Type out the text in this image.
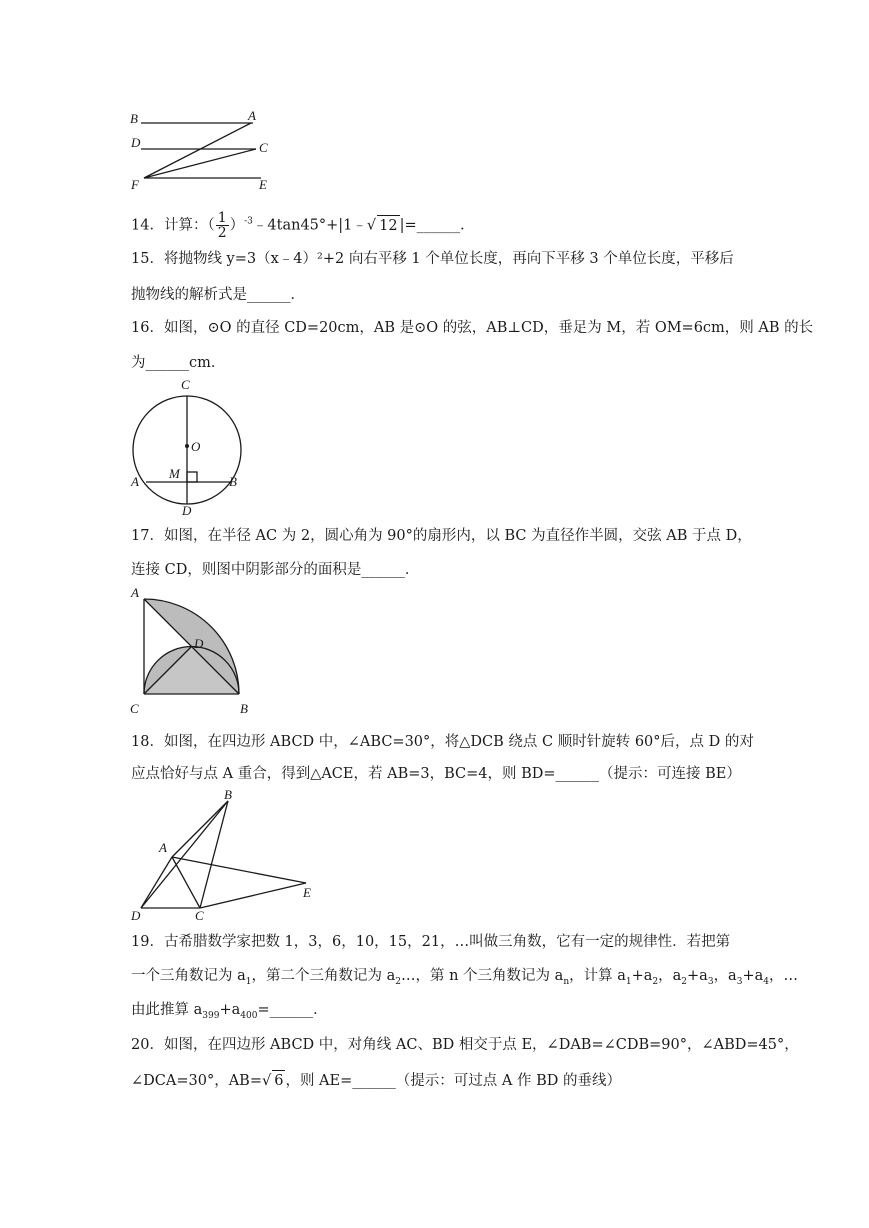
B	A
D	C
F	E
14．计算：（ $\frac{1}{2}$ ）$^{-3}$﹣4tan45°+|1﹣√ 12 |=______．
15．将抛物线 y=3（x﹣4）²+2 向右平移 1 个单位长度，再向下平移 3 个单位长度，平移后
抛物线的解析式是______．
16．如图，⊙O 的直径 CD=20cm，AB 是⊙O 的弦，AB⊥CD，垂足为 M，若 OM=6cm，则 AB 的长
为______cm．
C
O
M
A	B
D
17．如图，在半径 AC 为 2，圆心角为 90°的扇形内，以 BC 为直径作半圆，交弦 AB 于点 D，
连接 CD，则图中阴影部分的面积是______．
A
D
C	B
18．如图，在四边形 ABCD 中，∠ABC=30°，将△DCB 绕点 C 顺时针旋转 60°后，点 D 的对
应点恰好与点 A 重合，得到△ACE，若 AB=3，BC=4，则 BD=______（提示：可连接 BE）
B
A
E
D	C
19．古希腊数学家把数 1，3，6，10，15，21，…叫做三角数，它有一定的规律性．若把第
一个三角数记为 $a_1$，第二个三角数记为 $a_2\dots$，第 n 个三角数记为 $a_n$，计算 $a_1+a_2$，$a_2+a_3$，$a_3+a_4$，…
由此推算 $a_{399}+a_{400}=\_\_\_\_\_\_$．
20．如图，在四边形 ABCD 中，对角线 AC、BD 相交于点 E，∠DAB=∠CDB=90°，∠ABD=45°，
∠DCA=30°，AB=√ 6 ，则 AE=______（提示：可过点 A 作 BD 的垂线）
